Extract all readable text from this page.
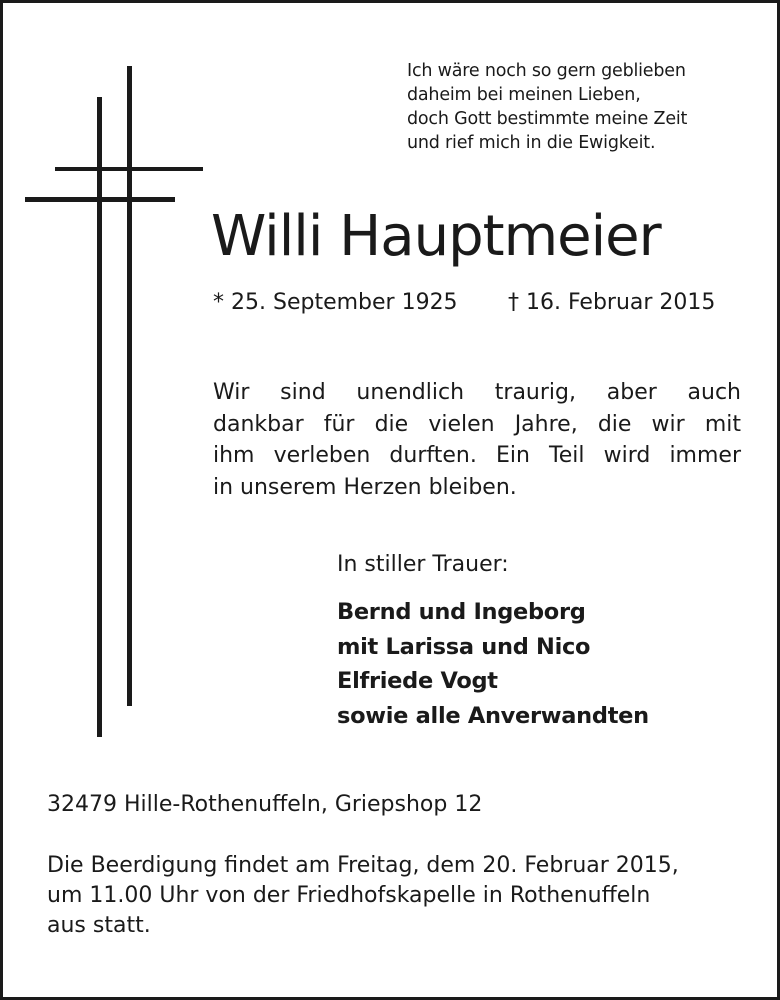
Ich wäre noch so gern geblieben
daheim bei meinen Lieben,
doch Gott bestimmte meine Zeit
und rief mich in die Ewigkeit.
Willi Hauptmeier
* 25. September 1925 † 16. Februar 2015
Wir sind unendlich traurig, aber auch
dankbar für die vielen Jahre, die wir mit
ihm verleben durften. Ein Teil wird immer
in unserem Herzen bleiben.
In stiller Trauer:
Bernd und Ingeborg
mit Larissa und Nico
Elfriede Vogt
sowie alle Anverwandten
32479 Hille-Rothenuffeln, Griepshop 12
Die Beerdigung findet am Freitag, dem 20. Februar 2015,
um 11.00 Uhr von der Friedhofskapelle in Rothenuffeln
aus statt.
